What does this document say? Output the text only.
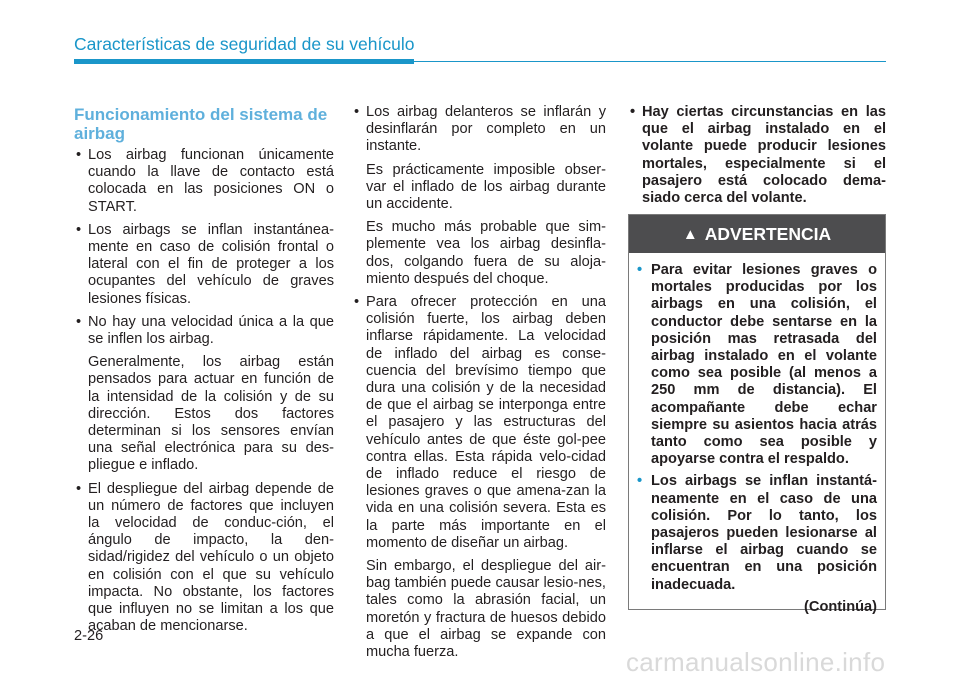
Características de seguridad de su vehículo
Funcionamiento del sistema de airbag
• Los airbag funcionan únicamente cuando la llave de contacto está colocada en las posiciones ON o START.
• Los airbags se inflan instantánea-mente en caso de colisión frontal o lateral con el fin de proteger a los ocupantes del vehículo de graves lesiones físicas.
• No hay una velocidad única a la que se inflen los airbag.
Generalmente, los airbag están pensados para actuar en función de la intensidad de la colisión y de su dirección. Estos dos factores determinan si los sensores envían una señal electrónica para su des-pliegue e inflado.
• El despliegue del airbag depende de un número de factores que incluyen la velocidad de conduc-ción, el ángulo de impacto, la den-sidad/rigidez del vehículo o un objeto en colisión con el que su vehículo impacta. No obstante, los factores que influyen no se limitan a los que acaban de mencionarse.
• Los airbag delanteros se inflarán y desinflarán por completo en un instante.
Es prácticamente imposible obser-var el inflado de los airbag durante un accidente.
Es mucho más probable que sim-plemente vea los airbag desinfla-dos, colgando fuera de su aloja-miento después del choque.
• Para ofrecer protección en una colisión fuerte, los airbag deben inflarse rápidamente. La velocidad de inflado del airbag es conse-cuencia del brevísimo tiempo que dura una colisión y de la necesidad de que el airbag se interponga entre el pasajero y las estructuras del vehículo antes de que éste gol-pee contra ellas. Esta rápida velo-cidad de inflado reduce el riesgo de lesiones graves o que amena-zan la vida en una colisión severa. Esta es la parte más importante en el momento de diseñar un airbag.
Sin embargo, el despliegue del air-bag también puede causar lesio-nes, tales como la abrasión facial, un moretón y fractura de huesos debido a que el airbag se expande con mucha fuerza.
• Hay ciertas circunstancias en las que el airbag instalado en el volante puede producir lesiones mortales, especialmente si el pasajero está colocado dema-siado cerca del volante.
▲ ADVERTENCIA
• Para evitar lesiones graves o mortales producidas por los airbags en una colisión, el conductor debe sentarse en la posición mas retrasada del airbag instalado en el volante como sea posible (al menos a 250 mm de distancia). El acompañante debe echar siempre su asientos hacia atrás tanto como sea posible y apoyarse contra el respaldo.
• Los airbags se inflan instantá-neamente en el caso de una colisión. Por lo tanto, los pasajeros pueden lesionarse al inflarse el airbag cuando se encuentran en una posición inadecuada.
(Continúa)
2-26
carmanualsonline.info
